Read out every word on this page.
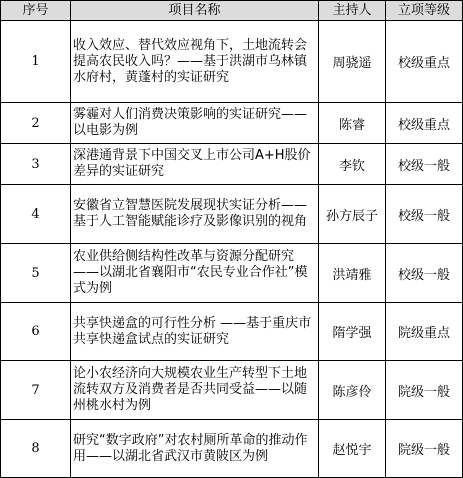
序号	项目名称	主持人	立项等级
1	收入效应、替代效应视角下，土地流转会提高农民收入吗？——基于洪湖市乌林镇水府村，黄蓬村的实证研究	周骁遥	校级重点
2	雾霾对人们消费决策影响的实证研究——以电影为例	陈睿	校级重点
3	深港通背景下中国交叉上市公司A+H股价差异的实证研究	李钦	校级一般
4	安徽省立智慧医院发展现状实证分析——基于人工智能赋能诊疗及影像识别的视角	孙方辰子	校级一般
5	农业供给侧结构性改革与资源分配研究——以湖北省襄阳市“农民专业合作社”模式为例	洪靖雅	校级一般
6	共享快递盒的可行性分析 ——基于重庆市共享快递盒试点的实证研究	隋学强	院级重点
7	论小农经济向大规模农业生产转型下土地流转双方及消费者是否共同受益——以随州桃水村为例	陈彦伶	院级一般
8	研究“数字政府”对农村厕所革命的推动作用——以湖北省武汉市黄陂区为例	赵悦宇	院级一般
